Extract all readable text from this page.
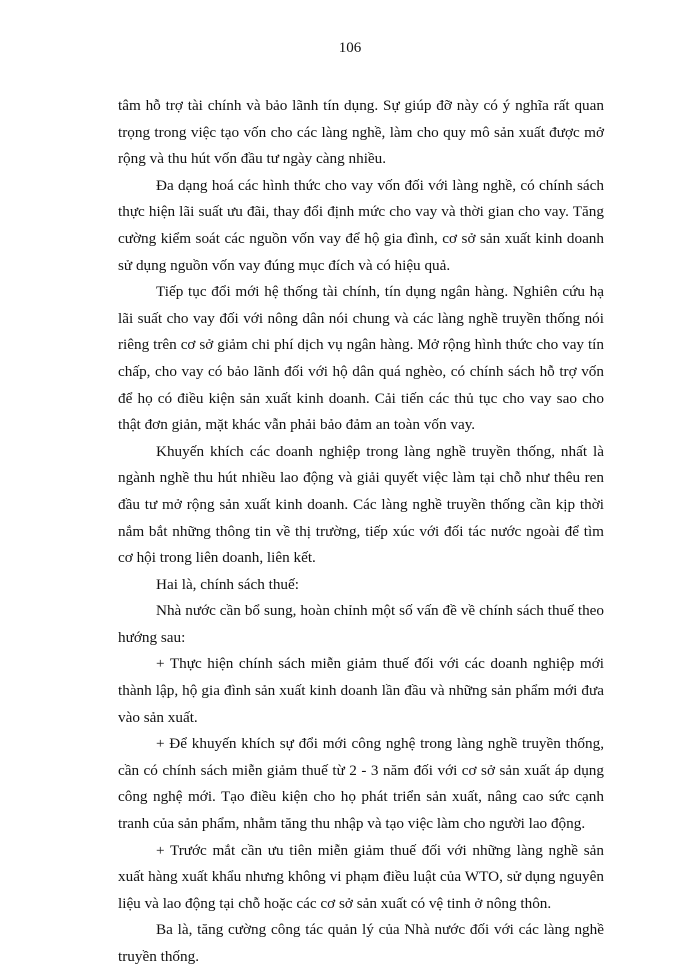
106

tâm hỗ trợ tài chính và bảo lãnh tín dụng. Sự giúp đỡ này có ý nghĩa rất quan trọng trong việc tạo vốn cho các làng nghề, làm cho quy mô sản xuất được mở rộng và thu hút vốn đầu tư ngày càng nhiều.

Đa dạng hoá các hình thức cho vay vốn đối với làng nghề, có chính sách thực hiện lãi suất ưu đãi, thay đổi định mức cho vay và thời gian cho vay. Tăng cường kiểm soát các nguồn vốn vay để hộ gia đình, cơ sở sản xuất kinh doanh sử dụng nguồn vốn vay đúng mục đích và có hiệu quả.

Tiếp tục đổi mới hệ thống tài chính, tín dụng ngân hàng. Nghiên cứu hạ lãi suất cho vay đối với nông dân nói chung và các làng nghề truyền thống nói riêng trên cơ sở giảm chi phí dịch vụ ngân hàng. Mở rộng hình thức cho vay tín chấp, cho vay có bảo lãnh đối với hộ dân quá nghèo, có chính sách hỗ trợ vốn để họ có điều kiện sản xuất kinh doanh. Cải tiến các thủ tục cho vay sao cho thật đơn giản, mặt khác vẫn phải bảo đảm an toàn vốn vay.

Khuyến khích các doanh nghiệp trong làng nghề truyền thống, nhất là ngành nghề thu hút nhiều lao động và giải quyết việc làm tại chỗ như thêu ren đầu tư mở rộng sản xuất kinh doanh. Các làng nghề truyền thống cần kịp thời nắm bắt những thông tin về thị trường, tiếp xúc với đối tác nước ngoài để tìm cơ hội trong liên doanh, liên kết.

Hai là, chính sách thuế:

Nhà nước cần bổ sung, hoàn chỉnh một số vấn đề về chính sách thuế theo hướng sau:

+ Thực hiện chính sách miễn giảm thuế đối với các doanh nghiệp mới thành lập, hộ gia đình sản xuất kinh doanh lần đầu và những sản phẩm mới đưa vào sản xuất.

+ Để khuyến khích sự đổi mới công nghệ trong làng nghề truyền thống, cần có chính sách miễn giảm thuế từ 2 - 3 năm đối với cơ sở sản xuất áp dụng công nghệ mới. Tạo điều kiện cho họ phát triển sản xuất, nâng cao sức cạnh tranh của sản phẩm, nhằm tăng thu nhập và tạo việc làm cho người lao động.

+ Trước mắt cần ưu tiên miễn giảm thuế đối với những làng nghề sản xuất hàng xuất khẩu nhưng không vi phạm điều luật của WTO, sử dụng nguyên liệu và lao động tại chỗ hoặc các cơ sở sản xuất có vệ tinh ở nông thôn.

Ba là, tăng cường công tác quản lý của Nhà nước đối với các làng nghề truyền thống.
